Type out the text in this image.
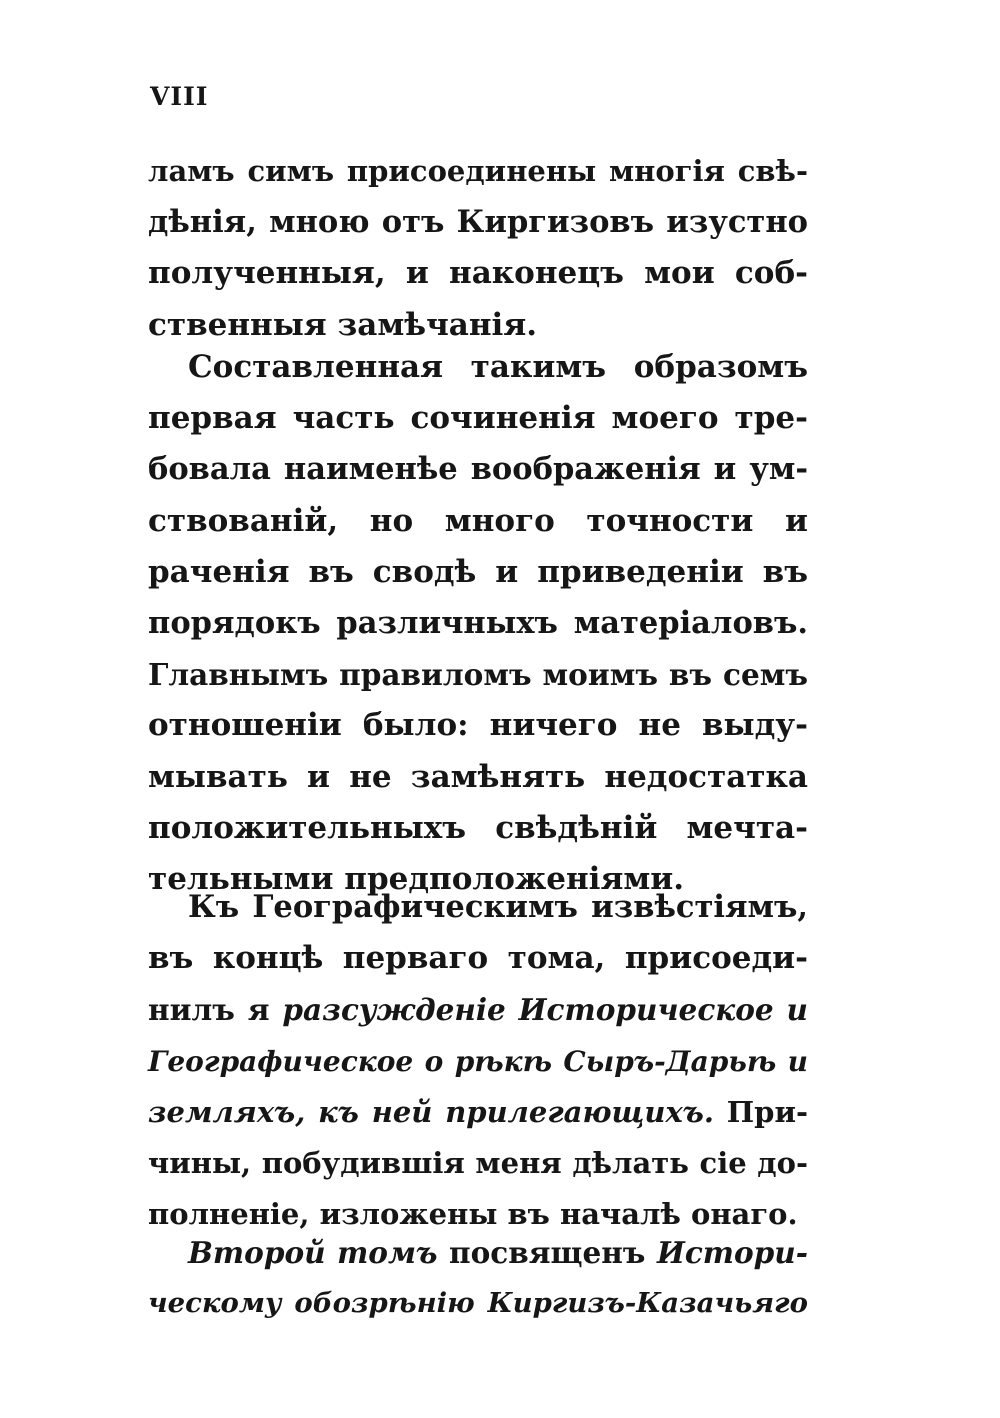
VIII
ламъ симъ присоединены многія свѣ-
дѣнія, мною отъ Киргизовъ изустно
полученныя, и наконецъ мои соб-
ственныя замѣчанія.
Составленная такимъ образомъ
первая часть сочиненія моего тре-
бовала наименѣе воображенія и ум-
ствованій, но много точности и
раченія въ сводѣ и приведеніи въ
порядокъ различныхъ матеріаловъ.
Главнымъ правиломъ моимъ въ семъ
отношеніи было: ничего не выду-
мывать и не замѣнять недостатка
положительныхъ свѣдѣній мечта-
тельными предположеніями.
Къ Географическимъ извѣстіямъ,
въ концѣ перваго тома, присоеди-
нилъ я разсужденіе Историческое и
Географическое о рѣкѣ Сыръ-Дарьѣ и
земляхъ, къ ней прилегающихъ. При-
чины, побудившія меня дѣлать сіе до-
полненіе, изложены въ началѣ онаго.
Второй томъ посвященъ Истори-
ческому обозрѣнію Киргизъ-Казачьяго
